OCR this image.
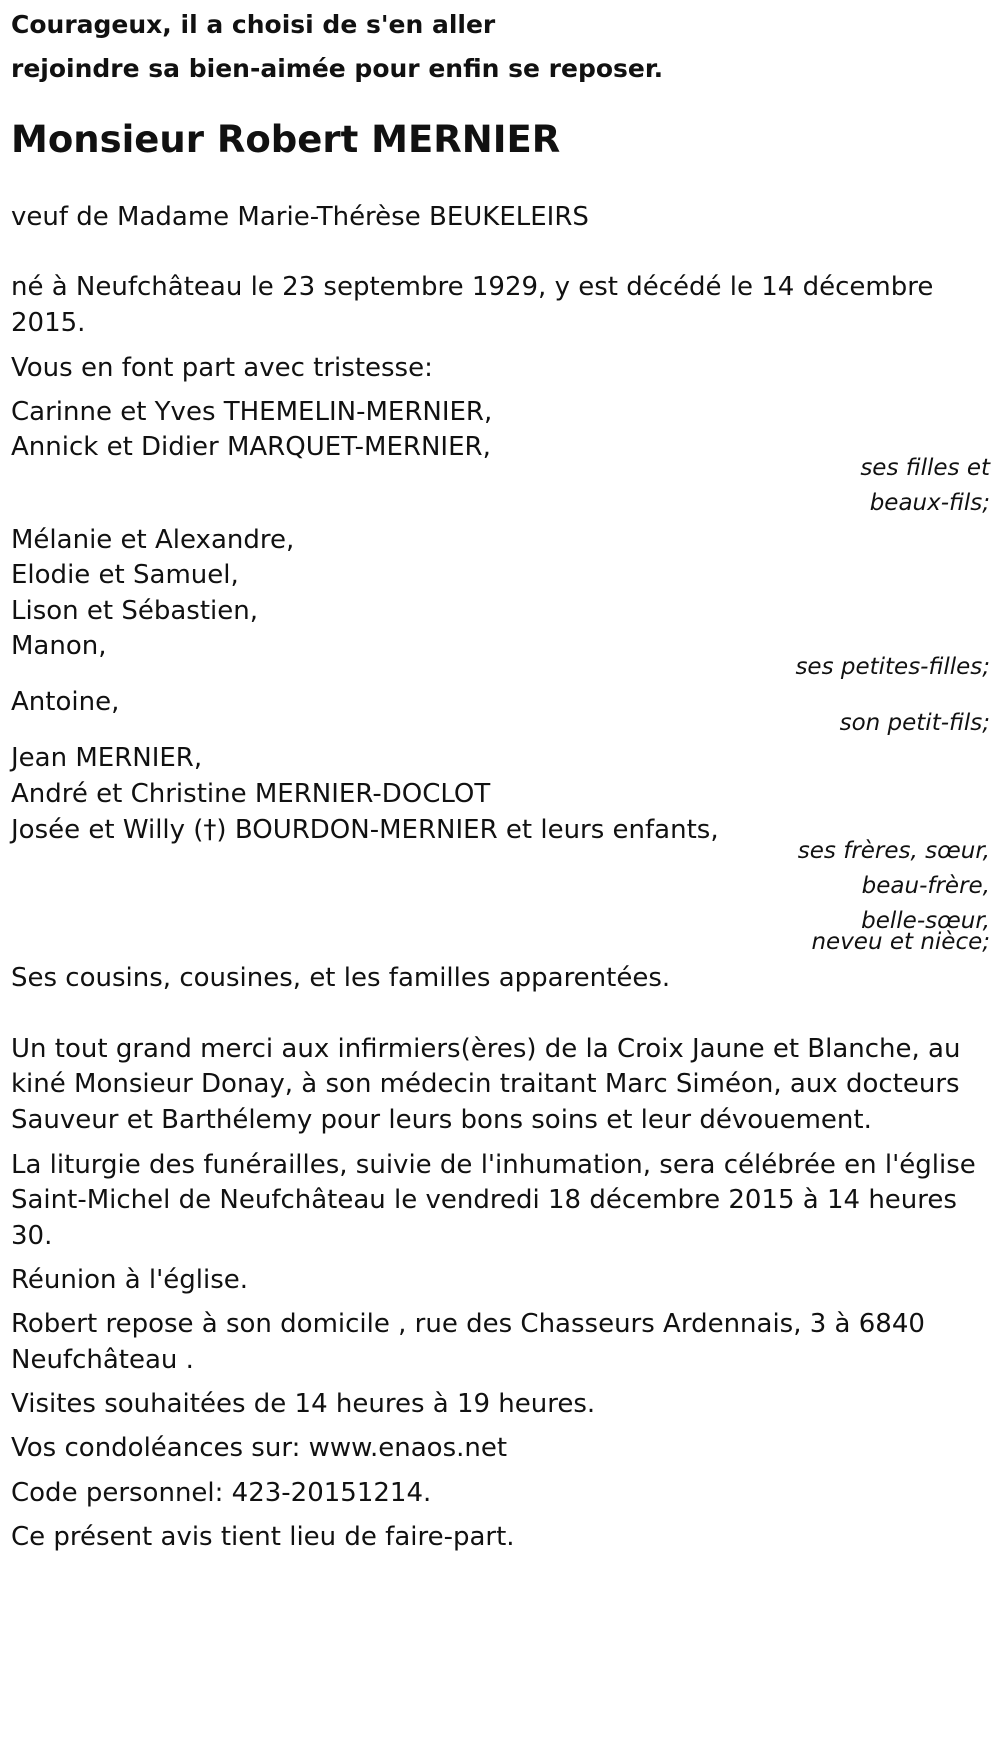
Courageux, il a choisi de s'en aller
rejoindre sa bien-aimée pour enfin se reposer.
Monsieur Robert MERNIER
veuf de Madame Marie-Thérèse BEUKELEIRS
né à Neufchâteau le 23 septembre 1929, y est décédé le 14 décembre
2015.
Vous en font part avec tristesse:
Carinne et Yves THEMELIN-MERNIER,
Annick et Didier MARQUET-MERNIER,
ses filles et
beaux-fils;
Mélanie et Alexandre,
Elodie et Samuel,
Lison et Sébastien,
Manon,
ses petites-filles;
Antoine,
son petit-fils;
Jean MERNIER,
André et Christine MERNIER-DOCLOT
Josée et Willy (†) BOURDON-MERNIER et leurs enfants,
ses frères, sœur,
beau-frère,
belle-sœur,
neveu et nièce;
Ses cousins, cousines, et les familles apparentées.
Un tout grand merci aux infirmiers(ères) de la Croix Jaune et Blanche, au
kiné Monsieur Donay, à son médecin traitant Marc Siméon, aux docteurs
Sauveur et Barthélemy pour leurs bons soins et leur dévouement.
La liturgie des funérailles, suivie de l'inhumation, sera célébrée en l'église
Saint-Michel de Neufchâteau le vendredi 18 décembre 2015 à 14 heures
30.
Réunion à l'église.
Robert repose à son domicile , rue des Chasseurs Ardennais, 3 à 6840
Neufchâteau .
Visites souhaitées de 14 heures à 19 heures.
Vos condoléances sur: www.enaos.net
Code personnel: 423-20151214.
Ce présent avis tient lieu de faire-part.
